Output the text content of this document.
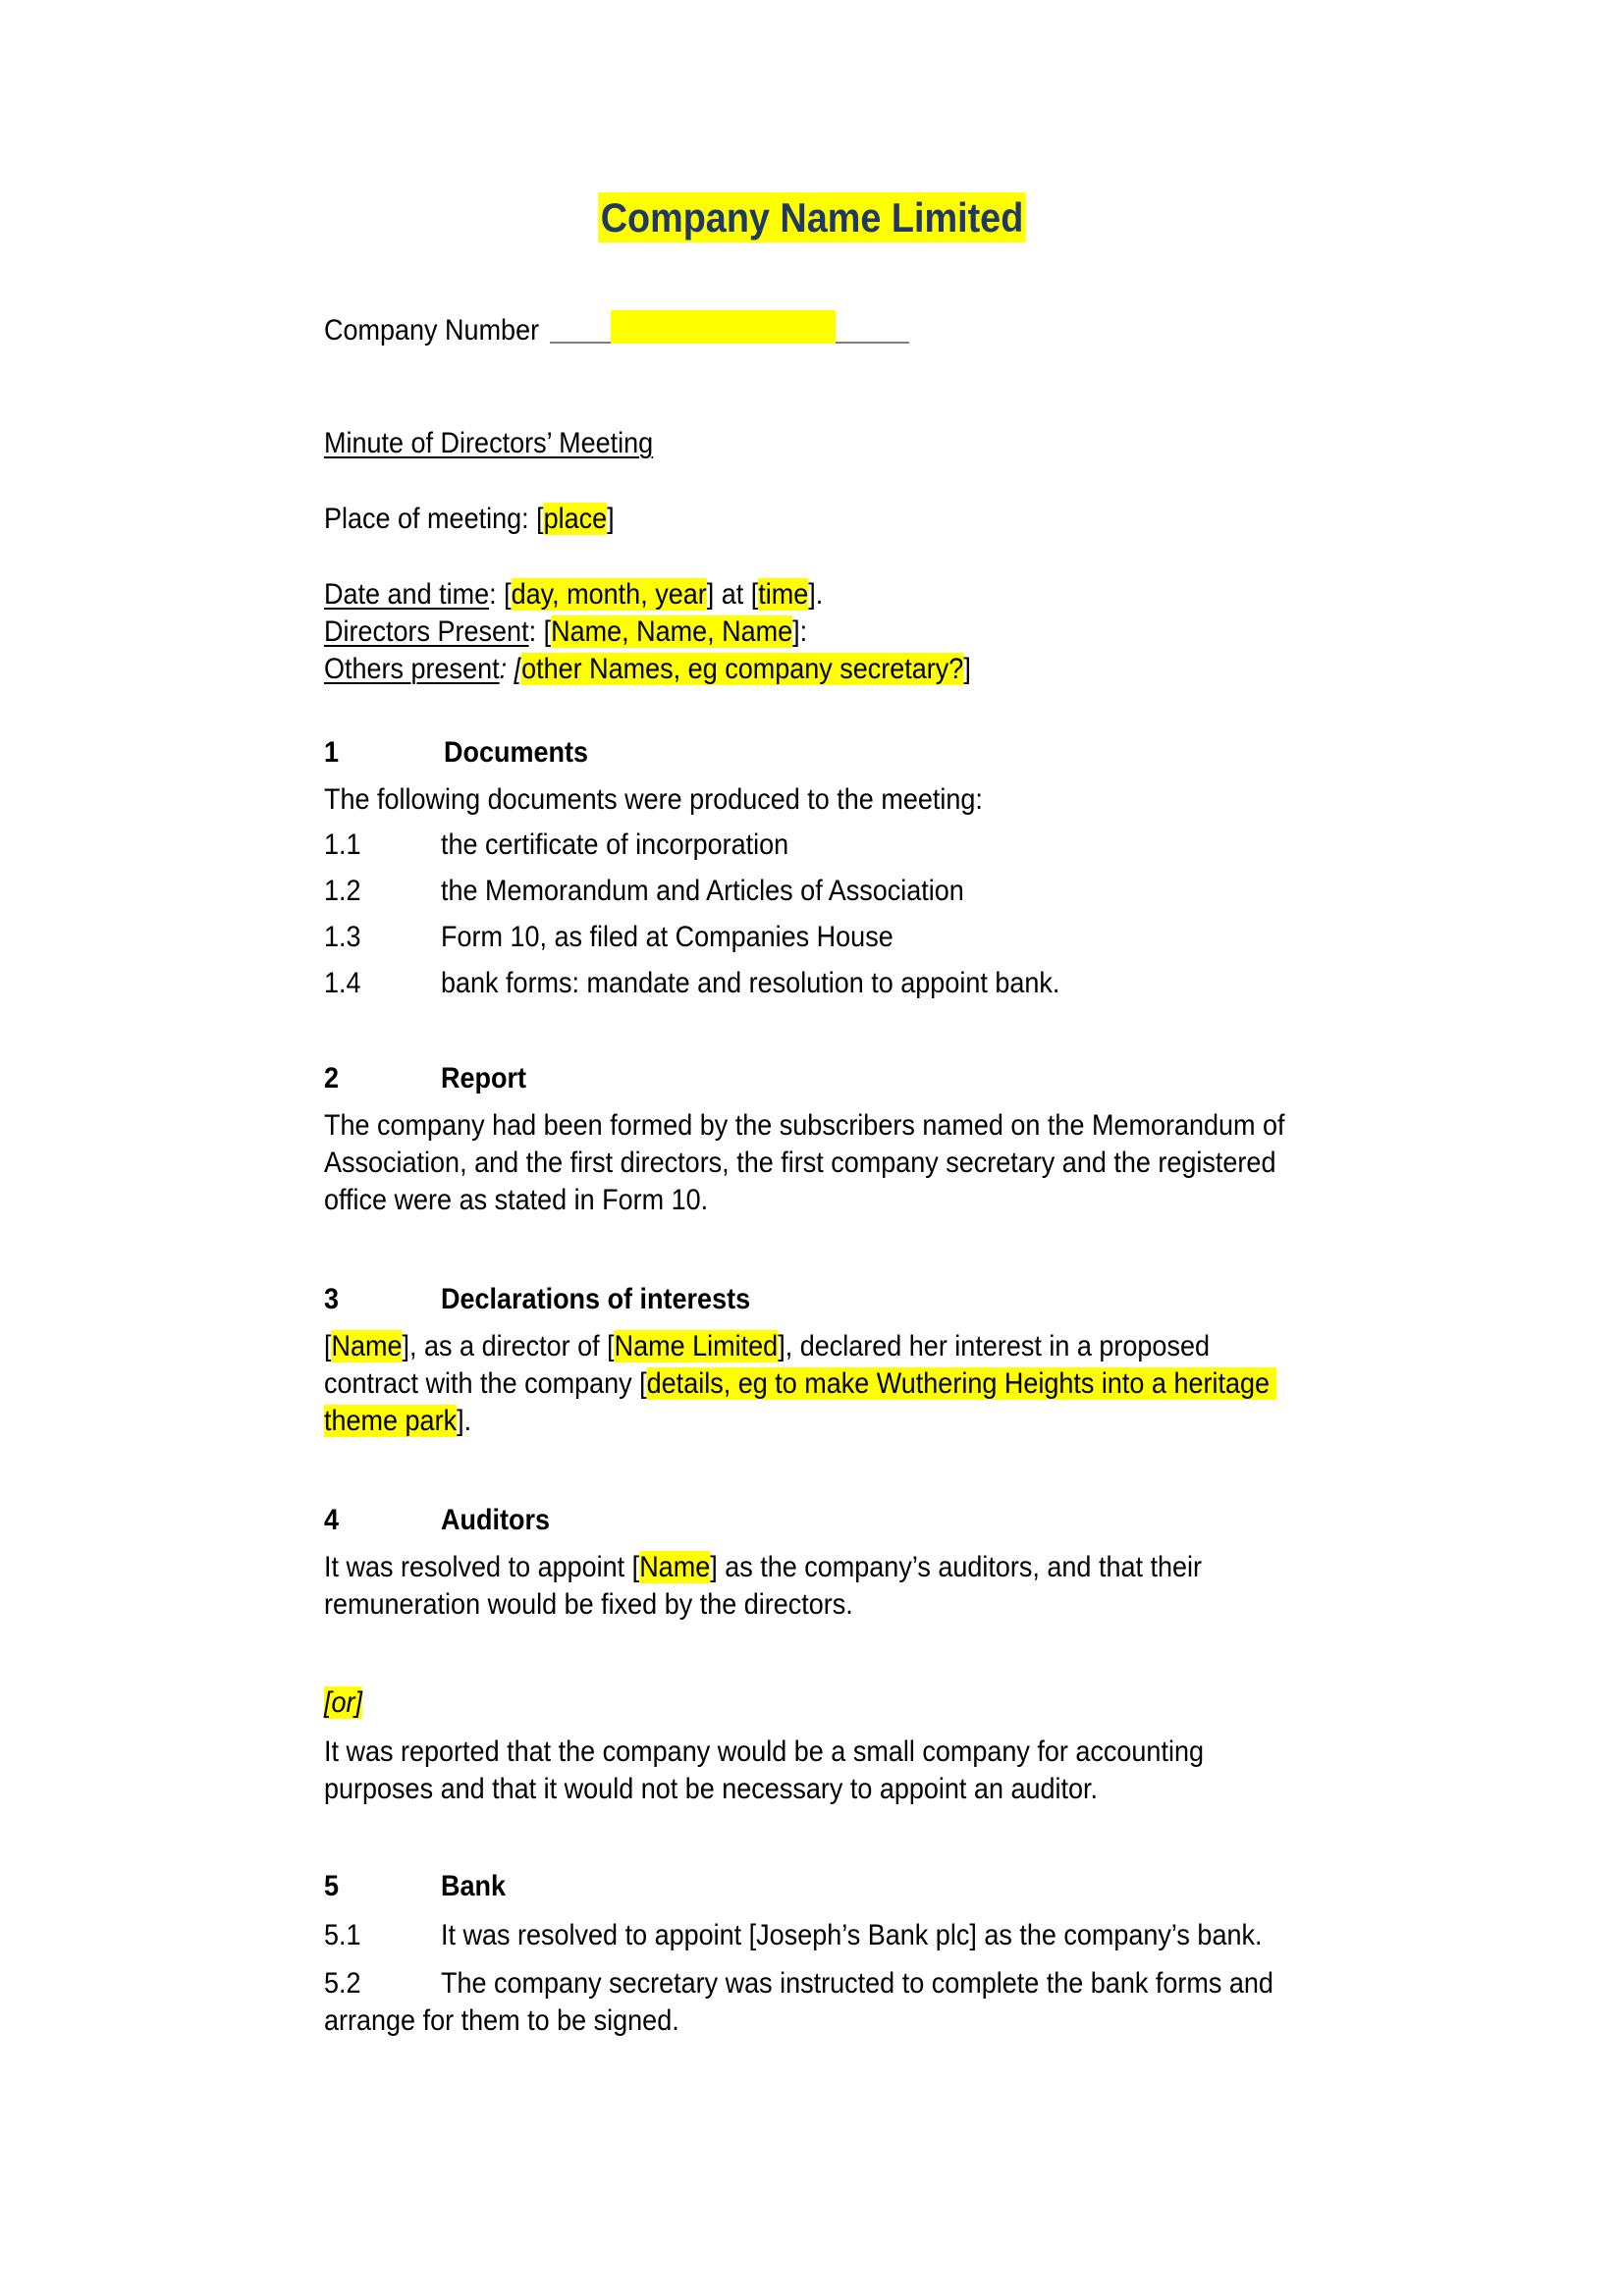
Company Name Limited
Company Number
Minute of Directors’ Meeting
Place of meeting: [place]
Date and time: [day, month, year] at [time].
Directors Present: [Name, Name, Name]:
Others present: [other Names, eg company secretary?]
1	Documents
The following documents were produced to the meeting:
1.1	the certificate of incorporation
1.2	the Memorandum and Articles of Association
1.3	Form 10, as filed at Companies House
1.4	bank forms: mandate and resolution to appoint bank.
2	Report
The company had been formed by the subscribers named on the Memorandum of
Association, and the first directors, the first company secretary and the registered
office were as stated in Form 10.
3	Declarations of interests
[Name], as a director of [Name Limited], declared her interest in a proposed
contract with the company [details, eg to make Wuthering Heights into a heritage
theme park].
4	Auditors
It was resolved to appoint [Name] as the company’s auditors, and that their
remuneration would be fixed by the directors.
[or]
It was reported that the company would be a small company for accounting
purposes and that it would not be necessary to appoint an auditor.
5	Bank
5.1	It was resolved to appoint [Joseph’s Bank plc] as the company’s bank.
5.2	The company secretary was instructed to complete the bank forms and
arrange for them to be signed.
